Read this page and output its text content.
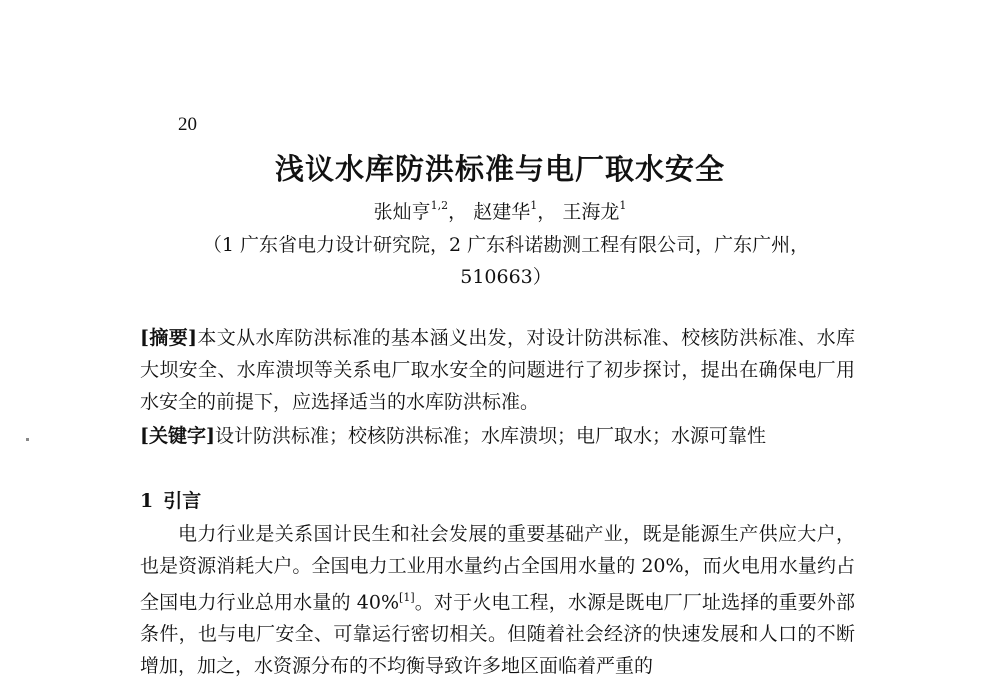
20
浅议水库防洪标准与电厂取水安全
张灿亨$^{1,2}$， 赵建华$^1$， 王海龙$^1$
（1 广东省电力设计研究院，2 广东科诺勘测工程有限公司，广东广州，510663）
[摘要]本文从水库防洪标准的基本涵义出发，对设计防洪标准、校核防洪标准、水库大坝安全、水库溃坝等关系电厂取水安全的问题进行了初步探讨，提出在确保电厂用水安全的前提下，应选择适当的水库防洪标准。
[关键字]设计防洪标准；校核防洪标准；水库溃坝；电厂取水；水源可靠性
1 引言
电力行业是关系国计民生和社会发展的重要基础产业，既是能源生产供应大户，也是资源消耗大户。全国电力工业用水量约占全国用水量的 20%，而火电用水量约占全国电力行业总用水量的 40%[1]。对于火电工程，水源是既电厂厂址选择的重要外部条件，也与电厂安全、可靠运行密切相关。但随着社会经济的快速发展和人口的不断增加，加之，水资源分布的不均衡导致许多地区面临着严重的
